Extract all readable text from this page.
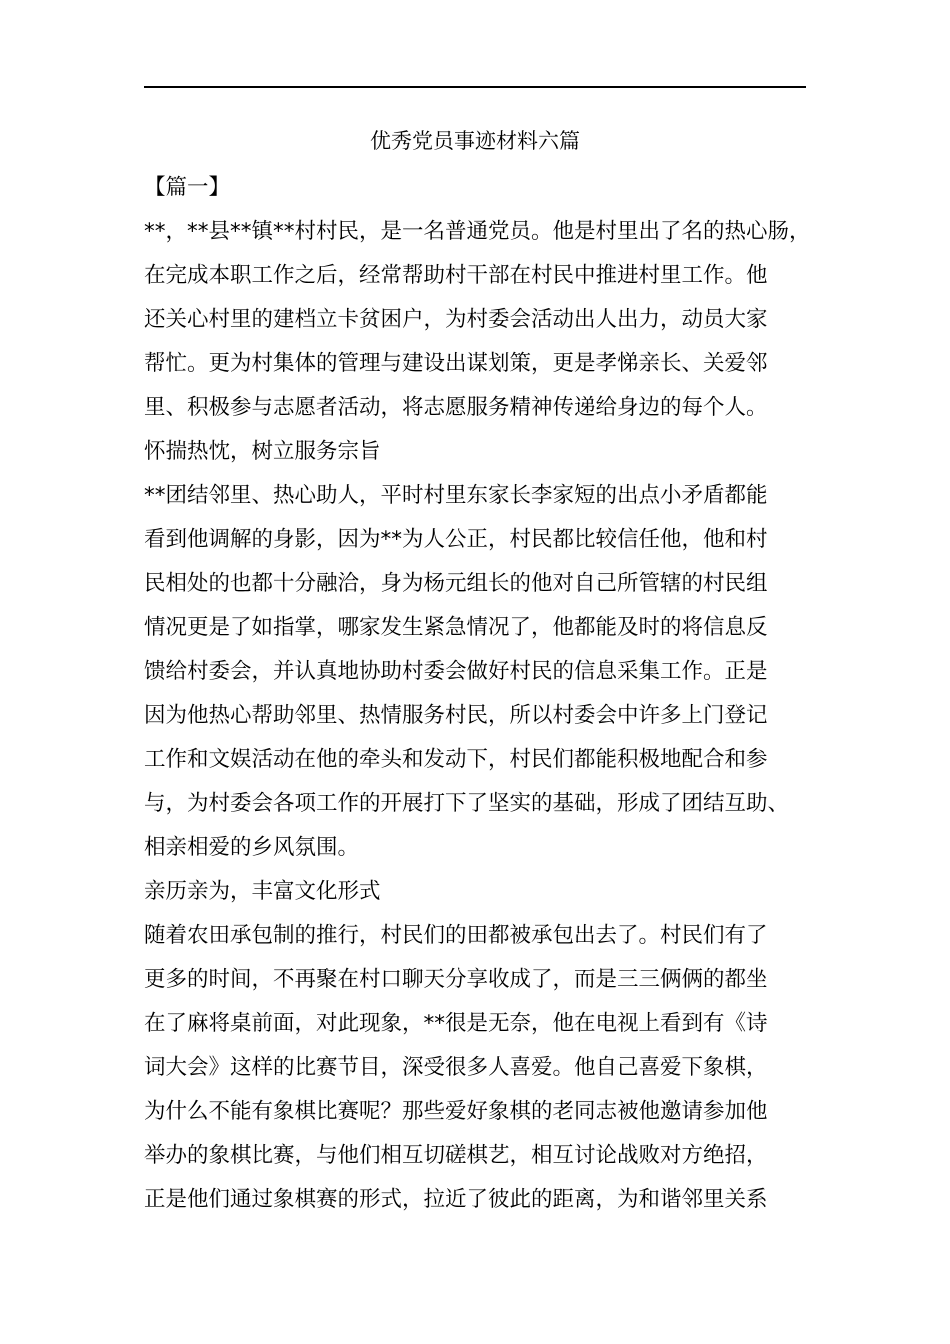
优秀党员事迹材料六篇
【篇一】
**，**县**镇**村村民，是一名普通党员。他是村里出了名的热心肠，
在完成本职工作之后，经常帮助村干部在村民中推进村里工作。他
还关心村里的建档立卡贫困户，为村委会活动出人出力，动员大家
帮忙。更为村集体的管理与建设出谋划策，更是孝悌亲长、关爱邻
里、积极参与志愿者活动，将志愿服务精神传递给身边的每个人。
怀揣热忱，树立服务宗旨
**团结邻里、热心助人，平时村里东家长李家短的出点小矛盾都能
看到他调解的身影，因为**为人公正，村民都比较信任他，他和村
民相处的也都十分融洽，身为杨元组长的他对自己所管辖的村民组
情况更是了如指掌，哪家发生紧急情况了，他都能及时的将信息反
馈给村委会，并认真地协助村委会做好村民的信息采集工作。正是
因为他热心帮助邻里、热情服务村民，所以村委会中许多上门登记
工作和文娱活动在他的牵头和发动下，村民们都能积极地配合和参
与，为村委会各项工作的开展打下了坚实的基础，形成了团结互助、
相亲相爱的乡风氛围。
亲历亲为，丰富文化形式
随着农田承包制的推行，村民们的田都被承包出去了。村民们有了
更多的时间，不再聚在村口聊天分享收成了，而是三三俩俩的都坐
在了麻将桌前面，对此现象，**很是无奈，他在电视上看到有《诗
词大会》这样的比赛节目，深受很多人喜爱。他自己喜爱下象棋，
为什么不能有象棋比赛呢？那些爱好象棋的老同志被他邀请参加他
举办的象棋比赛，与他们相互切磋棋艺，相互讨论战败对方绝招，
正是他们通过象棋赛的形式，拉近了彼此的距离，为和谐邻里关系
